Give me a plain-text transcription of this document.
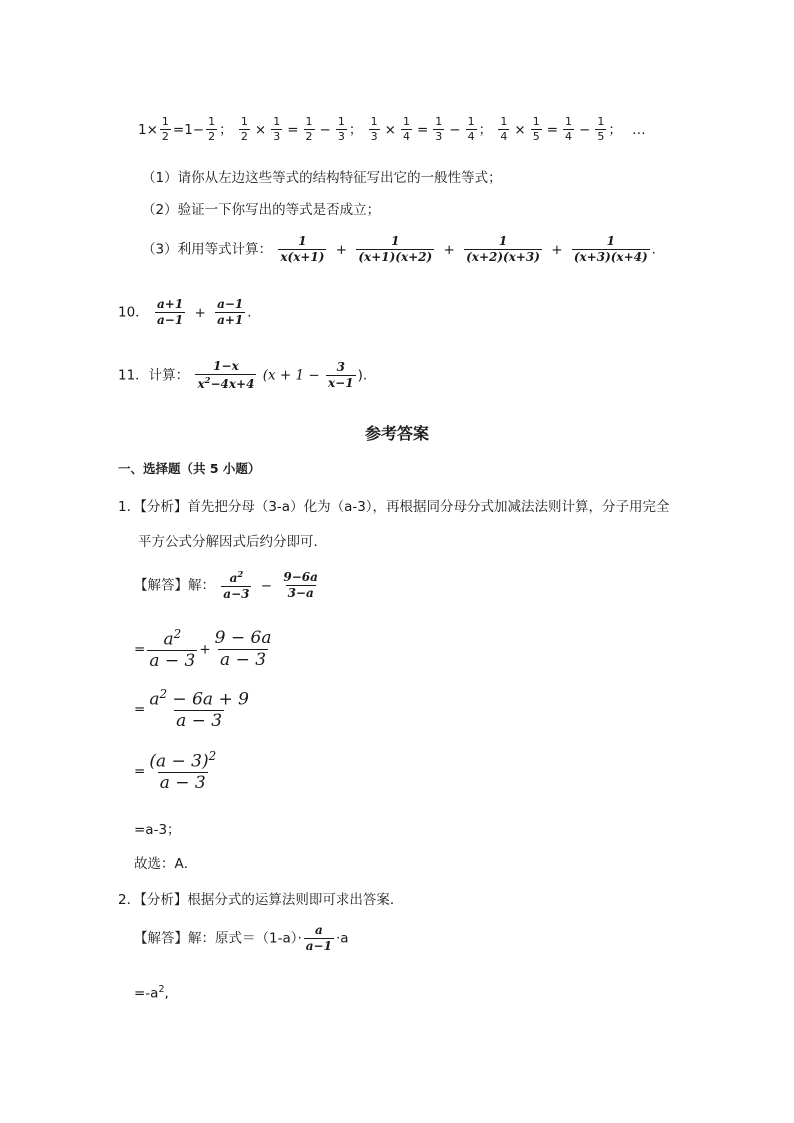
$1\times \frac{1}{2} =1- \frac{1}{2}$ ； $\frac{1}{2} \times \frac{1}{3} = \frac{1}{2} - \frac{1}{3}$ ； $\frac{1}{3} \times \frac{1}{4} = \frac{1}{3} - \frac{1}{4}$ ； $\frac{1}{4} \times \frac{1}{5} = \frac{1}{4} - \frac{1}{5}$ ； …
（1）请你从左边这些等式的结构特征写出它的一般性等式；
（2）验证一下你写出的等式是否成立；
（3）利用等式计算： $\frac{1}{x(x+1)} + \frac{1}{(x+1)(x+2)} + \frac{1}{(x+2)(x+3)} + \frac{1}{(x+3)(x+4)}$ .
10． $\frac{a+1}{a-1} + \frac{a-1}{a+1}$ .
11．计算： $\frac{1-x}{x^2-4x+4} (x + 1 - \frac{3}{x-1}$ ).
参考答案
一、选择题（共 5 小题）
1．【分析】首先把分母（3-a）化为（a-3），再根据同分母分式加减法法则计算，分子用完全
平方公式分解因式后约分即可．
【解答】解： $\frac{a^2}{a-3} - \frac{9-6a}{3-a}$
= $\frac{a^2}{a - 3} + \frac{9 - 6a}{a - 3}$
= $\frac{a^2 - 6a + 9}{a - 3}$
= $\frac{(a - 3)^2}{a - 3}$
=a-3；
故选：A．
2．【分析】根据分式的运算法则即可求出答案．
【解答】解：原式$=(1-a)\cdot \frac{a}{a-1} \cdot a$
$=-a^2$,
